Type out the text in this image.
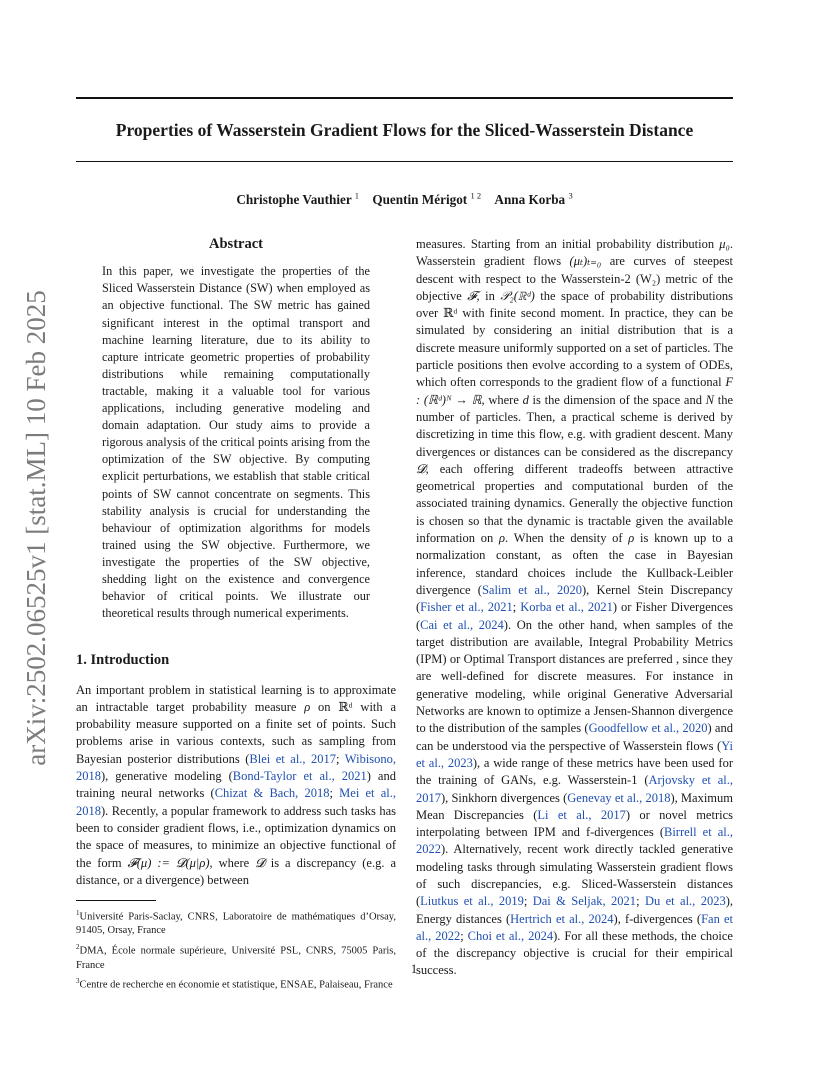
Properties of Wasserstein Gradient Flows for the Sliced-Wasserstein Distance
Christophe Vauthier $^1$ Quentin Mérigot $^{1 2}$ Anna Korba $^3$
arXiv:2502.06525v1 [stat.ML] 10 Feb 2025
Abstract

In this paper, we investigate the properties of the Sliced Wasserstein Distance (SW) when employed as an objective functional. The SW metric has gained significant interest in the optimal transport and machine learning literature, due to its ability to capture intricate geometric properties of probability distributions while remaining computationally tractable, making it a valuable tool for various applications, including generative modeling and domain adaptation. Our study aims to provide a rigorous analysis of the critical points arising from the optimization of the SW objective. By computing explicit perturbations, we establish that stable critical points of SW cannot concentrate on segments. This stability analysis is crucial for understanding the behaviour of optimization algorithms for models trained using the SW objective. Furthermore, we investigate the properties of the SW objective, shedding light on the existence and convergence behavior of critical points. We illustrate our theoretical results through numerical experiments.

1. Introduction

An important problem in statistical learning is to approximate an intractable target probability measure ρ on ℝᵈ with a probability measure supported on a finite set of points. Such problems arise in various contexts, such as sampling from Bayesian posterior distributions (Blei et al., 2017; Wibisono, 2018), generative modeling (Bond-Taylor et al., 2021) and training neural networks (Chizat & Bach, 2018; Mei et al., 2018). Recently, a popular framework to address such tasks has been to consider gradient flows, i.e., optimization dynamics on the space of measures, to minimize an objective functional of the form 𝓕(μ) := 𝓓(μ|ρ), where 𝓓 is a discrepancy (e.g. a distance, or a divergence) between

$^1$Université Paris-Saclay, CNRS, Laboratoire de mathématiques d’Orsay, 91405, Orsay, France

$^2$DMA, École normale supérieure, Université PSL, CNRS, 75005 Paris, France

$^3$Centre de recherche en économie et statistique, ENSAE, Palaiseau, France

measures. Starting from an initial probability distribution μ₀. Wasserstein gradient flows (μₜ)ₜ₌₀ are curves of steepest descent with respect to the Wasserstein-2 (W₂) metric of the objective 𝓕, in 𝒫₂(ℝᵈ) the space of probability distributions over ℝᵈ with finite second moment. In practice, they can be simulated by considering an initial distribution that is a discrete measure uniformly supported on a set of particles. The particle positions then evolve according to a system of ODEs, which often corresponds to the gradient flow of a functional F : (ℝᵈ)ᴺ → ℝ, where d is the dimension of the space and N the number of particles. Then, a practical scheme is derived by discretizing in time this flow, e.g. with gradient descent. Many divergences or distances can be considered as the discrepancy 𝓓, each offering different tradeoffs between attractive geometrical properties and computational burden of the associated training dynamics. Generally the objective function is chosen so that the dynamic is tractable given the available information on ρ. When the density of ρ is known up to a normalization constant, as often the case in Bayesian inference, standard choices include the Kullback-Leibler divergence (Salim et al., 2020), Kernel Stein Discrepancy (Fisher et al., 2021; Korba et al., 2021) or Fisher Divergences (Cai et al., 2024). On the other hand, when samples of the target distribution are available, Integral Probability Metrics (IPM) or Optimal Transport distances are preferred , since they are well-defined for discrete measures. For instance in generative modeling, while original Generative Adversarial Networks are known to optimize a Jensen-Shannon divergence to the distribution of the samples (Goodfellow et al., 2020) and can be understood via the perspective of Wasserstein flows (Yi et al., 2023), a wide range of these metrics have been used for the training of GANs, e.g. Wasserstein-1 (Arjovsky et al., 2017), Sinkhorn divergences (Genevay et al., 2018), Maximum Mean Discrepancies (Li et al., 2017) or novel metrics interpolating between IPM and f-divergences (Birrell et al., 2022). Alternatively, recent work directly tackled generative modeling tasks through simulating Wasserstein gradient flows of such discrepancies, e.g. Sliced-Wasserstein distances (Liutkus et al., 2019; Dai & Seljak, 2021; Du et al., 2023), Energy distances (Hertrich et al., 2024), f-divergences (Fan et al., 2022; Choi et al., 2024). For all these methods, the choice of the discrepancy objective is crucial for their empirical success.

1
